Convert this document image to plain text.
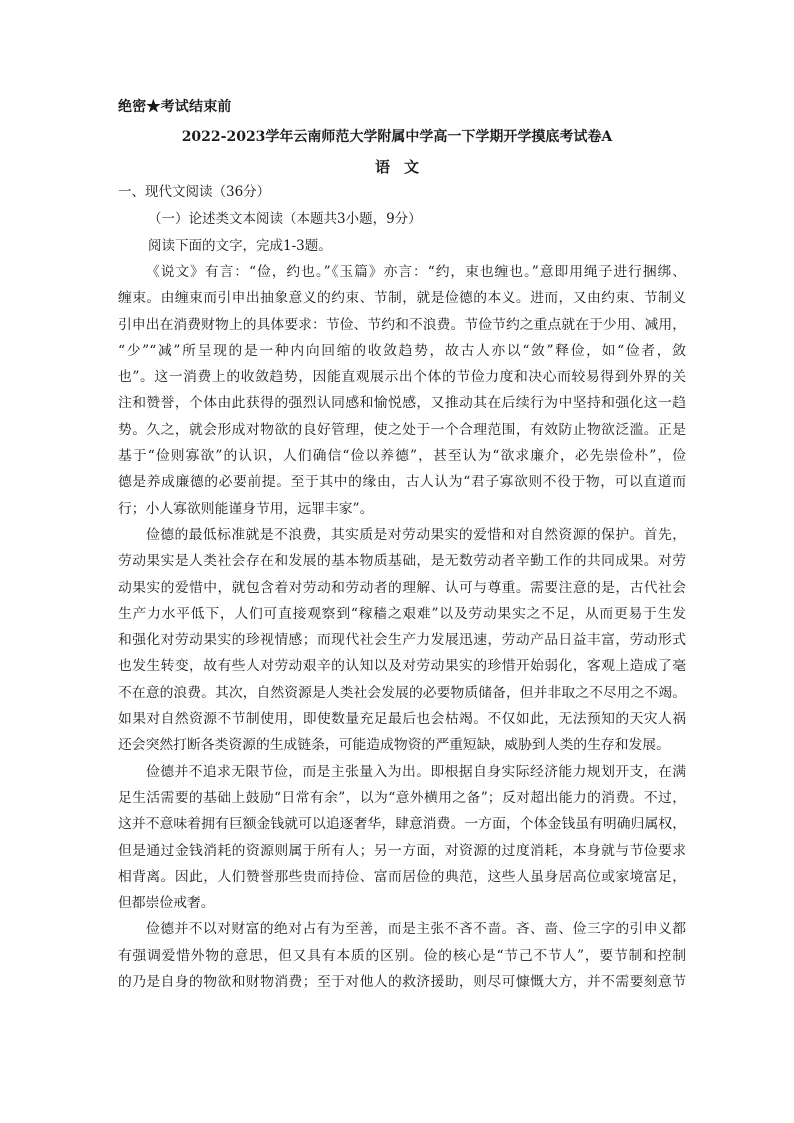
绝密★考试结束前
2022-2023学年云南师范大学附属中学高一下学期开学摸底考试卷A
语文
一、现代文阅读（36分）
（一）论述类文本阅读（本题共3小题，9分）
阅读下面的文字，完成1-3题。
《说文》有言：“俭，约也。”《玉篇》亦言：“约，束也缠也。”意即用绳子进行捆绑、
缠束。由缠束而引申出抽象意义的约束、节制，就是俭德的本义。进而，又由约束、节制义
引申出在消费财物上的具体要求：节俭、节约和不浪费。节俭节约之重点就在于少用、减用，
“少”“减”所呈现的是一种内向回缩的收敛趋势，故古人亦以“敛”释俭，如“俭者，敛
也”。这一消费上的收敛趋势，因能直观展示出个体的节俭力度和决心而较易得到外界的关
注和赞誉，个体由此获得的强烈认同感和愉悦感，又推动其在后续行为中坚持和强化这一趋
势。久之，就会形成对物欲的良好管理，使之处于一个合理范围，有效防止物欲泛滥。正是
基于“俭则寡欲”的认识，人们确信“俭以养德”，甚至认为“欲求廉介，必先崇俭朴”，俭
德是养成廉德的必要前提。至于其中的缘由，古人认为“君子寡欲则不役于物，可以直道而
行；小人寡欲则能谨身节用，远罪丰家”。
俭德的最低标准就是不浪费，其实质是对劳动果实的爱惜和对自然资源的保护。首先，
劳动果实是人类社会存在和发展的基本物质基础，是无数劳动者辛勤工作的共同成果。对劳
动果实的爱惜中，就包含着对劳动和劳动者的理解、认可与尊重。需要注意的是，古代社会
生产力水平低下，人们可直接观察到“稼穑之艰难”以及劳动果实之不足，从而更易于生发
和强化对劳动果实的珍视情感；而现代社会生产力发展迅速，劳动产品日益丰富，劳动形式
也发生转变，故有些人对劳动艰辛的认知以及对劳动果实的珍惜开始弱化，客观上造成了毫
不在意的浪费。其次，自然资源是人类社会发展的必要物质储备，但并非取之不尽用之不竭。
如果对自然资源不节制使用，即使数量充足最后也会枯竭。不仅如此，无法预知的天灾人祸
还会突然打断各类资源的生成链条，可能造成物资的严重短缺，威胁到人类的生存和发展。
俭德并不追求无限节俭，而是主张量入为出。即根据自身实际经济能力规划开支，在满
足生活需要的基础上鼓励“日常有余”，以为“意外横用之备”；反对超出能力的消费。不过，
这并不意味着拥有巨额金钱就可以追逐奢华，肆意消费。一方面，个体金钱虽有明确归属权，
但是通过金钱消耗的资源则属于所有人；另一方面，对资源的过度消耗，本身就与节俭要求
相背离。因此，人们赞誉那些贵而持俭、富而居俭的典范，这些人虽身居高位或家境富足，
但都崇俭戒奢。
俭德并不以对财富的绝对占有为至善，而是主张不吝不啬。吝、啬、俭三字的引申义都
有强调爱惜外物的意思，但又具有本质的区别。俭的核心是“节己不节人”，要节制和控制
的乃是自身的物欲和财物消费；至于对他人的救济援助，则尽可慷慨大方，并不需要刻意节
